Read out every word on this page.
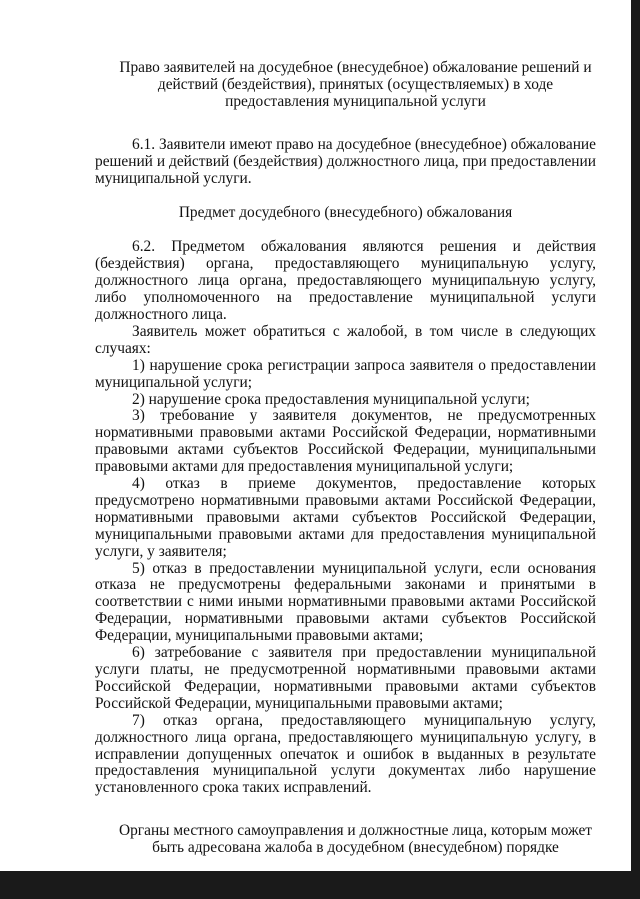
Право заявителей на досудебное (внесудебное) обжалование решений и действий (бездействия), принятых (осуществляемых) в ходе предоставления муниципальной услуги

6.1. Заявители имеют право на досудебное (внесудебное) обжалование решений и действий (бездействия) должностного лица, при предоставлении муниципальной услуги.

Предмет досудебного (внесудебного) обжалования

6.2. Предметом обжалования являются решения и действия (бездействия) органа, предоставляющего муниципальную услугу, должностного лица органа, предоставляющего муниципальную услугу, либо уполномоченного на предоставление муниципальной услуги должностного лица.

Заявитель может обратиться с жалобой, в том числе в следующих случаях:

1) нарушение срока регистрации запроса заявителя о предоставлении муниципальной услуги;

2) нарушение срока предоставления муниципальной услуги;

3) требование у заявителя документов, не предусмотренных нормативными правовыми актами Российской Федерации, нормативными правовыми актами субъектов Российской Федерации, муниципальными правовыми актами для предоставления муниципальной услуги;

4) отказ в приеме документов, предоставление которых предусмотрено нормативными правовыми актами Российской Федерации, нормативными правовыми актами субъектов Российской Федерации, муниципальными правовыми актами для предоставления муниципальной услуги, у заявителя;

5) отказ в предоставлении муниципальной услуги, если основания отказа не предусмотрены федеральными законами и принятыми в соответствии с ними иными нормативными правовыми актами Российской Федерации, нормативными правовыми актами субъектов Российской Федерации, муниципальными правовыми актами;

6) затребование с заявителя при предоставлении муниципальной услуги платы, не предусмотренной нормативными правовыми актами Российской Федерации, нормативными правовыми актами субъектов Российской Федерации, муниципальными правовыми актами;

7) отказ органа, предоставляющего муниципальную услугу, должностного лица органа, предоставляющего муниципальную услугу, в исправлении допущенных опечаток и ошибок в выданных в результате предоставления муниципальной услуги документах либо нарушение установленного срока таких исправлений.

Органы местного самоуправления и должностные лица, которым может быть адресована жалоба в досудебном (внесудебном) порядке
